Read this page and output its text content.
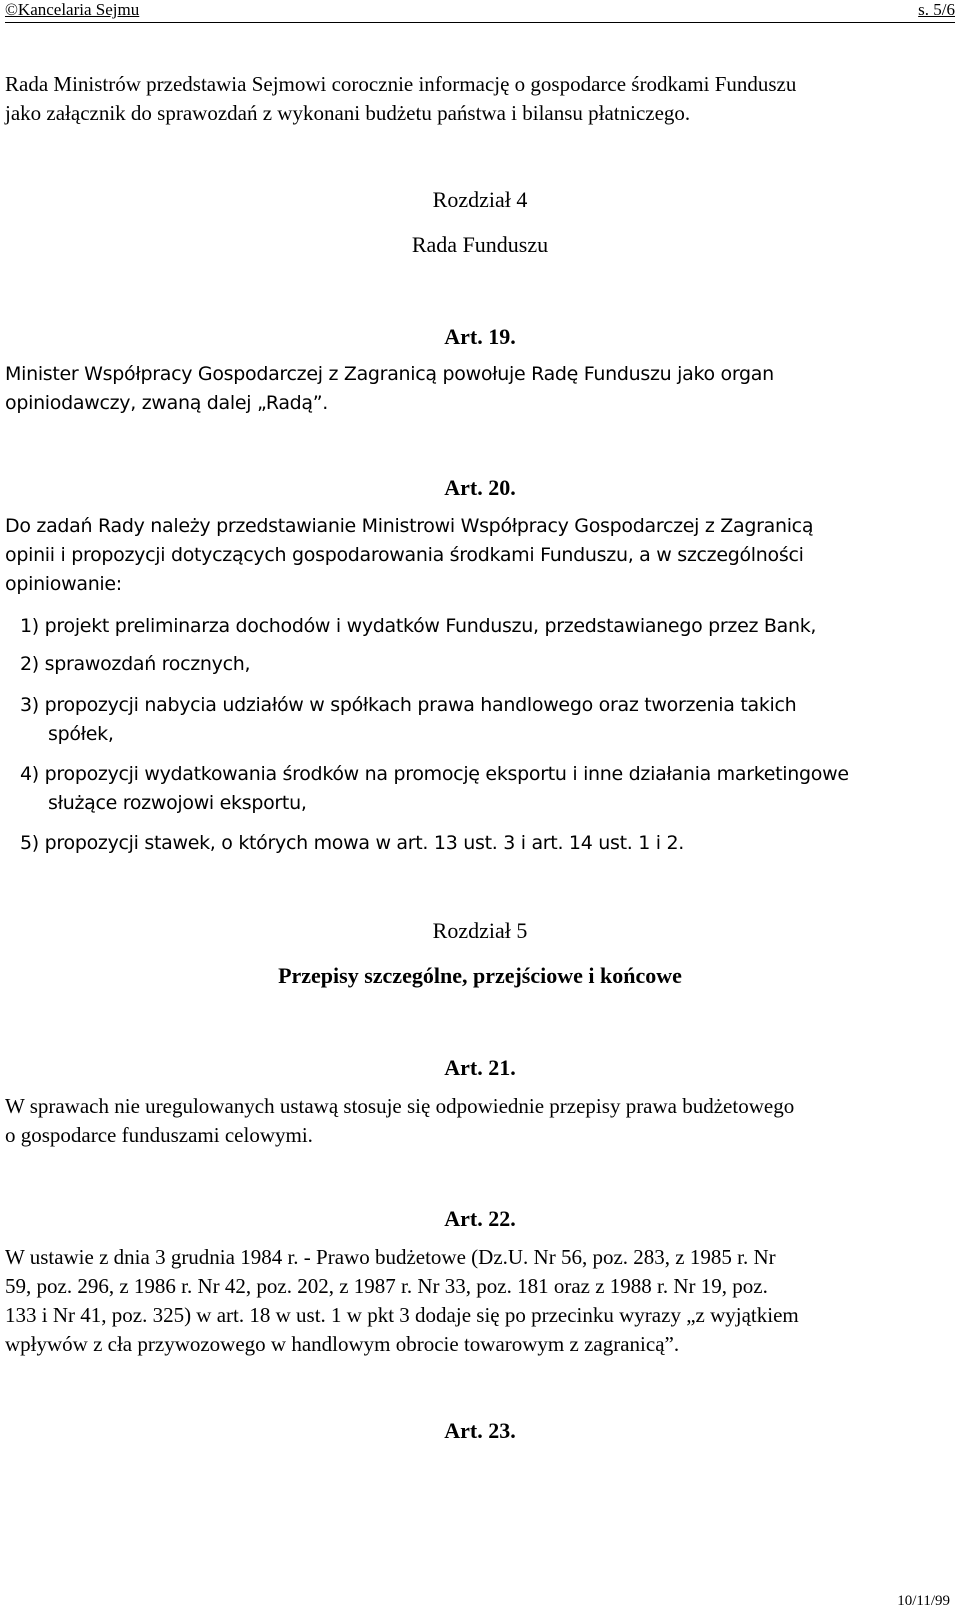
©Kancelaria Sejmu	s. 5/6
Rada Ministrów przedstawia Sejmowi corocznie informację o gospodarce środkami Funduszu
jako załącznik do sprawozdań z wykonani budżetu państwa i bilansu płatniczego.
Rozdział 4
Rada Funduszu
Art. 19.
Minister Współpracy Gospodarczej z Zagranicą powołuje Radę Funduszu jako organ
opiniodawczy, zwaną dalej „Radą”.
Art. 20.
Do zadań Rady należy przedstawianie Ministrowi Współpracy Gospodarczej z Zagranicą
opinii i propozycji dotyczących gospodarowania środkami Funduszu, a w szczególności
opiniowanie:
1) projekt preliminarza dochodów i wydatków Funduszu, przedstawianego przez Bank,
2) sprawozdań rocznych,
3) propozycji nabycia udziałów w spółkach prawa handlowego oraz tworzenia takich
spółek,
4) propozycji wydatkowania środków na promocję eksportu i inne działania marketingowe
służące rozwojowi eksportu,
5) propozycji stawek, o których mowa w art. 13 ust. 3 i art. 14 ust. 1 i 2.
Rozdział 5
Przepisy szczególne, przejściowe i końcowe
Art. 21.
W sprawach nie uregulowanych ustawą stosuje się odpowiednie przepisy prawa budżetowego
o gospodarce funduszami celowymi.
Art. 22.
W ustawie z dnia 3 grudnia 1984 r. - Prawo budżetowe (Dz.U. Nr 56, poz. 283, z 1985 r. Nr
59, poz. 296, z 1986 r. Nr 42, poz. 202, z 1987 r. Nr 33, poz. 181 oraz z 1988 r. Nr 19, poz.
133 i Nr 41, poz. 325) w art. 18 w ust. 1 w pkt 3 dodaje się po przecinku wyrazy „z wyjątkiem
wpływów z cła przywozowego w handlowym obrocie towarowym z zagranicą”.
Art. 23.
10/11/99
